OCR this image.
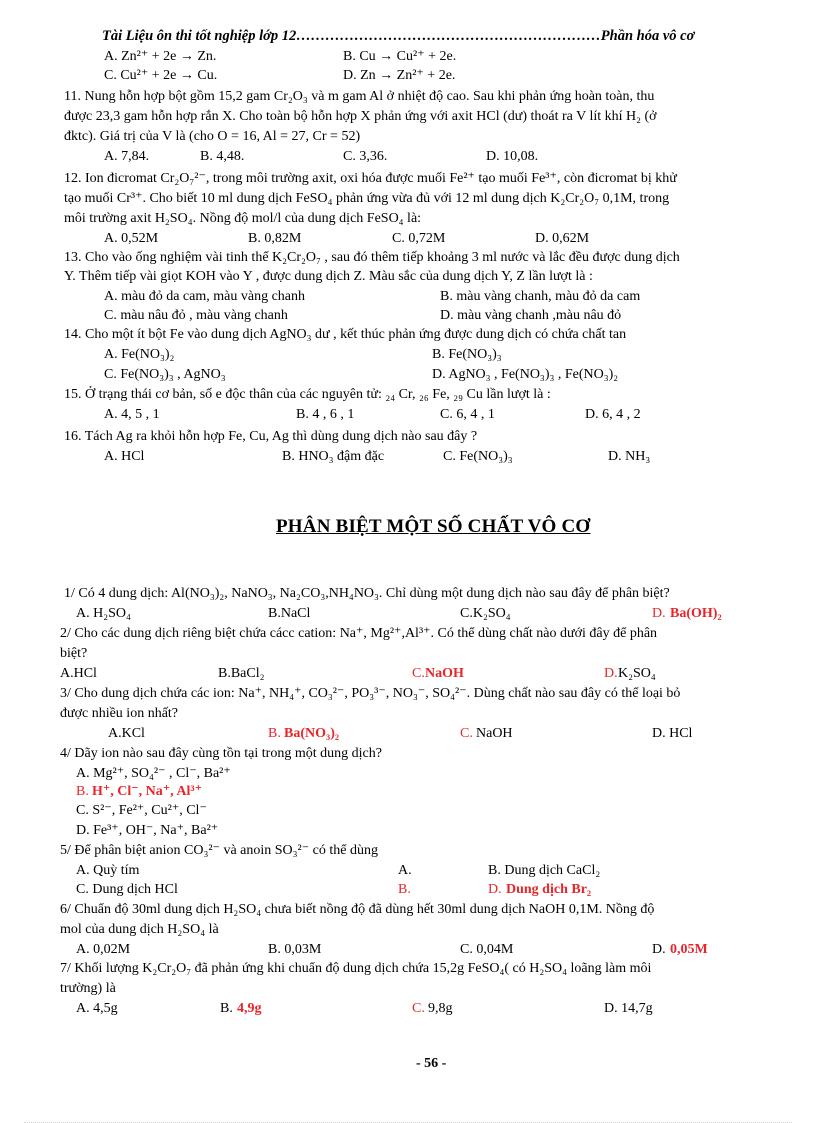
Tài Liệu ôn thi tốt nghiệp lớp 12………………………………………………………Phần hóa vô cơ
A. Zn²⁺ + 2e → Zn.	B. Cu → Cu²⁺ + 2e.
C. Cu²⁺ + 2e → Cu.	D. Zn → Zn²⁺ + 2e.
11. Nung hỗn hợp bột gồm 15,2 gam Cr₂O₃ và m gam Al ở nhiệt độ cao. Sau khi phản ứng hoàn toàn, thu
được 23,3 gam hỗn hợp rắn X. Cho toàn bộ hỗn hợp X phản ứng với axit HCl (dư) thoát ra V lít khí H₂ (ở
đktc). Giá trị của V là (cho O = 16, Al = 27, Cr = 52)
A. 7,84.	B. 4,48.	C. 3,36.	D. 10,08.
12. Ion đicromat Cr₂O₇²⁻, trong môi trường axit, oxi hóa được muối Fe²⁺ tạo muối Fe³⁺, còn đicromat bị khử
tạo muối Cr³⁺. Cho biết 10 ml dung dịch FeSO₄ phản ứng vừa đủ với 12 ml dung dịch K₂Cr₂O₇ 0,1M, trong
môi trường axit H₂SO₄. Nồng độ mol/l của dung dịch FeSO₄ là:
A. 0,52M	B. 0,82M	C. 0,72M	D. 0,62M
13. Cho vào ống nghiệm vài tinh thể K₂Cr₂O₇ , sau đó thêm tiếp khoảng 3 ml nước và lắc đều được dung dịch
Y. Thêm tiếp vài giọt KOH vào Y , được dung dịch Z. Màu sắc của dung dịch Y, Z lần lượt là :
A. màu đỏ da cam, màu vàng chanh	B. màu vàng chanh, màu đỏ da cam
C. màu nâu đỏ , màu vàng chanh	D. màu vàng chanh ,màu nâu đỏ
14. Cho một ít bột Fe vào dung dịch AgNO₃ dư , kết thúc phản ứng được dung dịch có chứa chất tan
A. Fe(NO₃)₂	B. Fe(NO₃)₃
C. Fe(NO₃)₃ , AgNO₃	D. AgNO₃ , Fe(NO₃)₃ , Fe(NO₃)₂
15. Ở trạng thái cơ bản, số e độc thân của các nguyên tử: ₂₄ Cr, ₂₆ Fe, ₂₉ Cu lần lượt là :
A. 4, 5 , 1	B. 4 , 6 , 1	C. 6, 4 , 1	D. 6, 4 , 2
16. Tách Ag ra khỏi hỗn hợp Fe, Cu, Ag thì dùng dung dịch nào sau đây ?
A. HCl	B. HNO₃ đậm đặc	C. Fe(NO₃)₃	D. NH₃
1/ Có 4 dung dịch: Al(NO₃)₂, NaNO₃, Na₂CO₃,NH₄NO₃. Chỉ dùng một dung dịch nào sau đây để phân biệt?
A. H₂SO₄	B.NaCl	C.K₂SO₄	D. Ba(OH)₂
2/ Cho các dung dịch riêng biệt chứa cácc cation: Na⁺, Mg²⁺,Al³⁺. Có thể dùng chất nào dưới đây để phân
biệt?
A.HCl	B.BaCl₂	C. NaOH	D. K₂SO₄
3/ Cho dung dịch chứa các ion: Na⁺, NH₄⁺, CO₃²⁻, PO₃³⁻, NO₃⁻, SO₄²⁻. Dùng chất nào sau đây có thể loại bỏ
được nhiều ion nhất?
A.KCl	B. Ba(NO₃)₂	C. NaOH	D. HCl
4/ Dãy ion nào sau đây cùng tồn tại trong một dung dịch?
A. Mg²⁺, SO₄²⁻ , Cl⁻, Ba²⁺
B. H⁺, Cl⁻, Na⁺, Al³⁺
C. S²⁻, Fe²⁺, Cu²⁺, Cl⁻
D. Fe³⁺, OH⁻, Na⁺, Ba²⁺
5/ Để phân biệt anion CO₃²⁻ và anoin SO₃²⁻ có thể dùng
A. Quỳ tím	A.	B. Dung dịch CaCl₂
C. Dung dịch HCl	B.	D. Dung dịch Br₂
6/ Chuẩn độ 30ml dung dịch H₂SO₄ chưa biết nồng độ đã dùng hết 30ml dung dịch NaOH 0,1M. Nồng độ
mol của dung dịch H₂SO₄ là
A. 0,02M	B. 0,03M	C. 0,04M	D. 0,05M
7/ Khối lượng K₂Cr₂O₇ đã phản ứng khi chuẩn độ dung dịch chứa 15,2g FeSO₄( có H₂SO₄ loãng làm môi
trường) là
A. 4,5g	B. 4,9g	C. 9,8g	D. 14,7g
PHÂN BIỆT MỘT SỐ CHẤT VÔ CƠ
- 56 -
